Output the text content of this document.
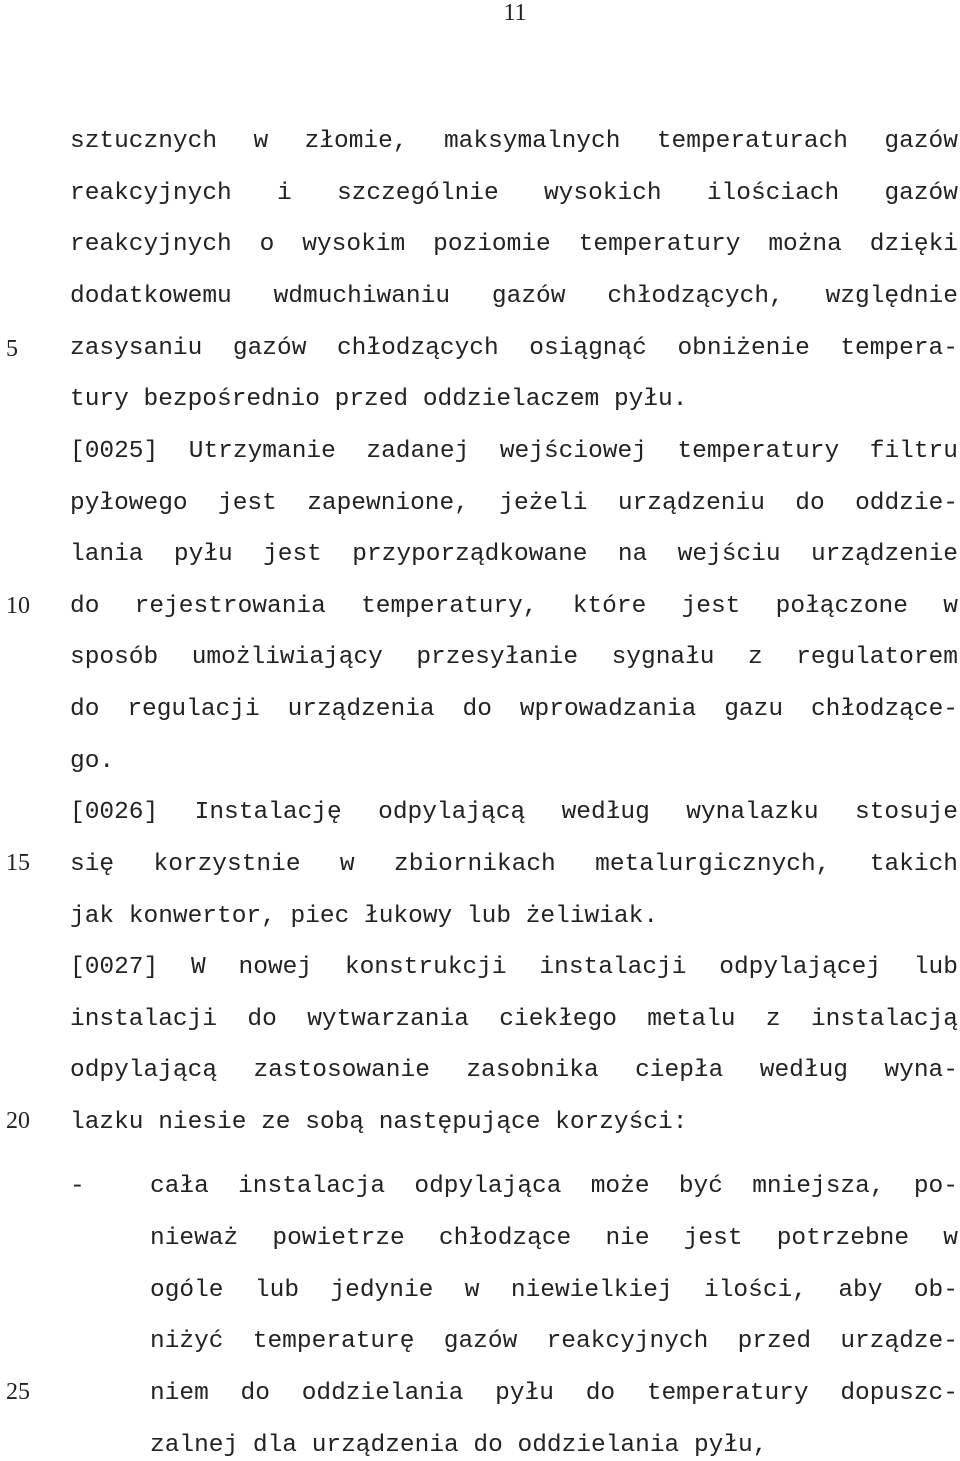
11
5
10
15
20
25
sztucznych w złomie, maksymalnych temperaturach gazów
reakcyjnych i szczególnie wysokich ilościach gazów
reakcyjnych o wysokim poziomie temperatury można dzięki
dodatkowemu wdmuchiwaniu gazów chłodzących, względnie
zasysaniu gazów chłodzących osiągnąć obniżenie tempera-
tury bezpośrednio przed oddzielaczem pyłu.
[0025] Utrzymanie zadanej wejściowej temperatury filtru
pyłowego jest zapewnione, jeżeli urządzeniu do oddzie-
lania pyłu jest przyporządkowane na wejściu urządzenie
do rejestrowania temperatury, które jest połączone w
sposób umożliwiający przesyłanie sygnału z regulatorem
do regulacji urządzenia do wprowadzania gazu chłodzące-
go.
[0026] Instalację odpylającą według wynalazku stosuje
się korzystnie w zbiornikach metalurgicznych, takich
jak konwertor, piec łukowy lub żeliwiak.
[0027] W nowej konstrukcji instalacji odpylającej lub
instalacji do wytwarzania ciekłego metalu z instalacją
odpylającą zastosowanie zasobnika ciepła według wyna-
lazku niesie ze sobą następujące korzyści:
-	cała instalacja odpylająca może być mniejsza, po-
nieważ powietrze chłodzące nie jest potrzebne w
ogóle lub jedynie w niewielkiej ilości, aby ob-
niżyć temperaturę gazów reakcyjnych przed urządze-
niem do oddzielania pyłu do temperatury dopuszc-
zalnej dla urządzenia do oddzielania pyłu,
